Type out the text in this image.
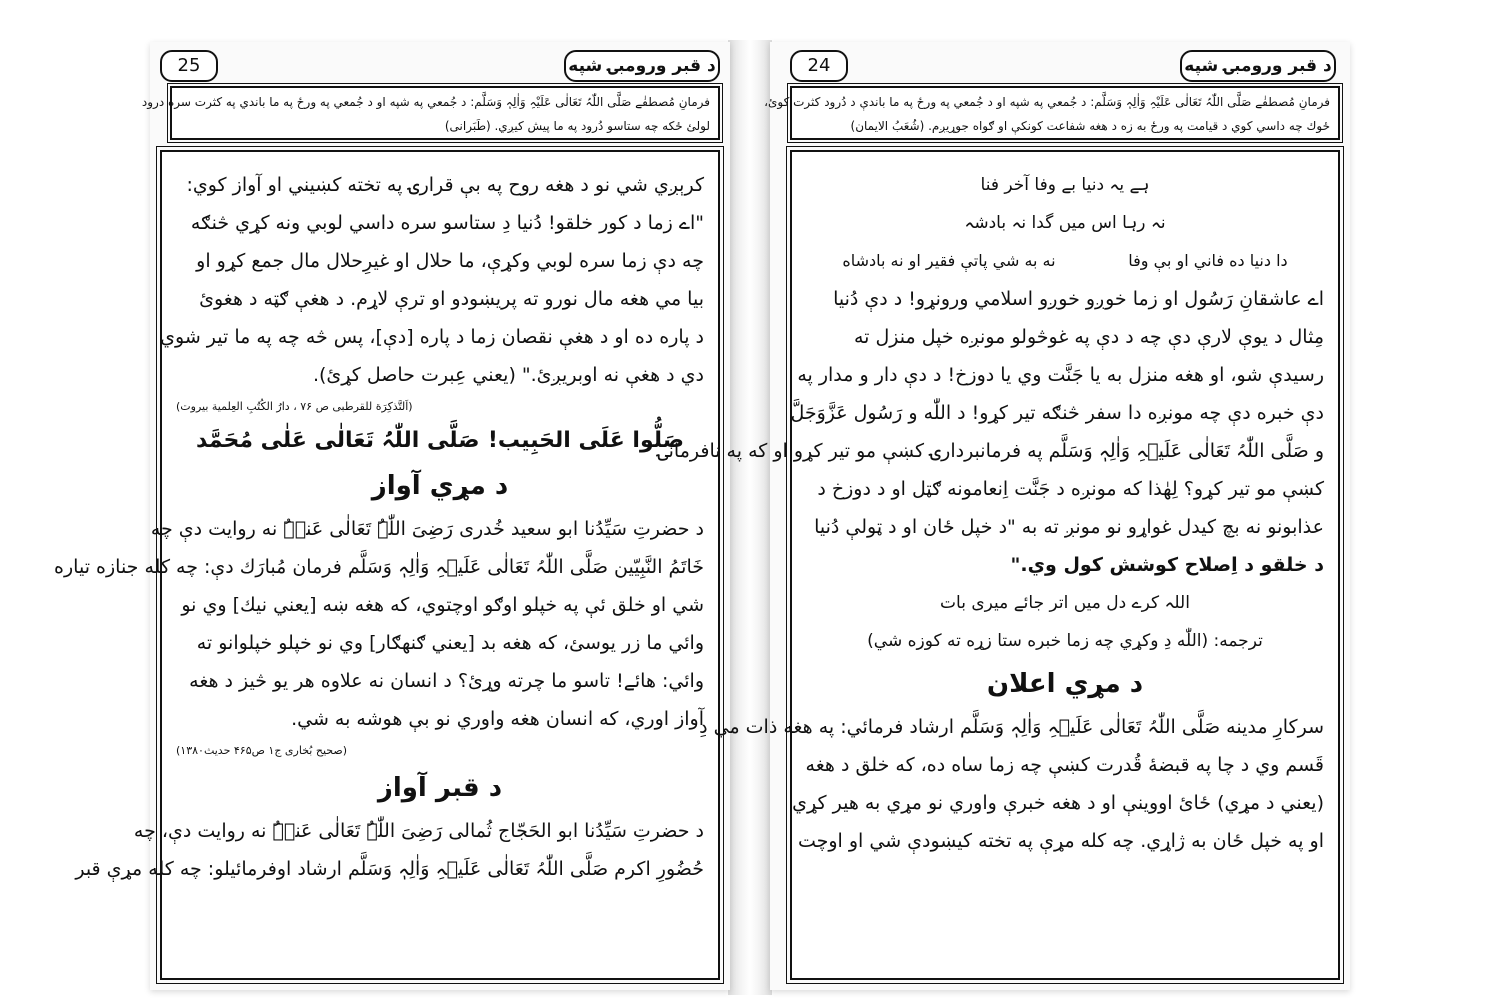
25	د قبر ورومبۍ شپه
فرمانِ مُصطفٰے صَلَّی اللّٰہُ تَعَالٰی عَلَیْہِ وَاٰلِہٖ وَسَلَّم: د جُمعي په شپه او د جُمعي په ورځ په ما باندي په کثرت سره درود
لولئ ځکه چه ستاسو دُرود په ما پيش کيږي. (طَبَرانی)
کرېږي شي نو د هغه روح په بې قرارۍ په تخته کښيني او آواز کوي:
"اے زما د کور خلقو! دُنيا دِ ستاسو سره داسي لوبي ونه کړي څنګه
چه دې زما سره لوبي وکړې، ما حلال او غيرِحلال مال جمع کړو او
بيا مي هغه مال نورو ته پريښودو او ترې لاړم. د هغې ګټه د هغوئ
د پاره ده او د هغې نقصان زما د پاره [دې]، پس څه چه په ما تير شوي
دي د هغې نه اوبريږئ." (يعني عِبرت حاصل کړئ).
(اَلتَّذکِرَة للقرطبی ص ۷۶ ، دارُ الکُتُبِ العِلمية بيروت)
صَلُّوا عَلَی الحَبِيب!
صَلَّی اللّٰہُ تَعَالٰی عَلٰی مُحَمَّد
د مړي آواز
د حضرتِ سَيِّدُنا ابو سعيد خُدری رَضِیَ اللّٰہُ تَعَالٰی عَنۡہُ نه روايت دې چه
خَاتَمُ النَّبِيّين صَلَّی اللّٰہُ تَعَالٰی عَلَیۡہِ وَاٰلِہٖ وَسَلَّم فرمان مُبارَك دې: چه کله جنازه تياره
شي او خلق ئې په خپلو اوګو اوچتوي، که هغه ښه [يعني نيك] وي نو
وائي ما زر يوسئ، که هغه بد [يعني ګنهګار] وي نو خپلو خپلوانو ته
وائي: هائے! تاسو ما چرته وړئ؟ د انسان نه علاوه هر يو څيز د هغه
آواز اوري، که انسان هغه واوري نو بې هوشه به شي.
(صحيح بُخاری ج۱ ص۴۶۵ حديث۱۳۸۰)
د قبر آواز
د حضرتِ سَيِّدُنا ابو الحَجّاج ثُمالی رَضِیَ اللّٰہُ تَعَالٰی عَنۡہُ نه روايت دې، چه
حُضُورِ اکرم صَلَّی اللّٰہُ تَعَالٰی عَلَیۡہِ وَاٰلِہٖ وَسَلَّم ارشاد اوفرمائيلو: چه کله مړې قبر
24	د قبر ورومبۍ شپه
فرمانِ مُصطفٰے صَلَّی اللّٰہُ تَعَالٰی عَلَیْہِ وَاٰلِہٖ وَسَلَّم: د جُمعي په شپه او د جُمعي په ورځ په ما باندې د دُرود کثرت کوئ،
ځوك چه داسي کوي د قيامت په ورځ به زه د هغه شفاعت کونکې او ګواه جوړيږم. (شُعَبُ الايمان)
ہے یہ دنیا بے وفا آخر فنا
نہ رہا اس میں گدا نہ بادشہ
دا دنيا ده فاني او بې وفا
نه به شي پاتې فقير او نه بادشاه
اے عاشقانِ رَسُول او زما خوږو خوږو اسلامي ورونړو! د دې دُنيا
مِثال د يوې لارې دې چه د دې په غوڅولو مونږه خپل منزل ته
رسيدې شو، او هغه منزل به يا جَنَّت وي يا دوزخ! د دې دار و مدار په
دې خبره دې چه مونږه دا سفر څنګه تير کړو! د اللّٰه و رَسُول عَزَّوَجَلَّ
و صَلَّی اللّٰہُ تَعَالٰی عَلَیۡہِ وَاٰلِہٖ وَسَلَّم په فرمانبردارۍ کښې مو تير کړو او که په نافرمانۍ
کښې مو تير کړو؟ لِهٰذا که مونږه د جَنَّت اِنعامونه ګټل او د دوزخ د
عذابونو نه بچ کيدل غواړو نو مونږ ته به "د خپل ځان او د ټولې دُنيا
د خلقو د اِصلاح کوشش کول وي."
اللہ کرے دل میں اتر جائے میری بات
ترجمه: (اللّٰه دِ وکړي چه زما خبره ستا زړه ته کوزه شي)
د مړي اعلان
سرکارِ مدينه صَلَّی اللّٰہُ تَعَالٰی عَلَیۡہِ وَاٰلِہٖ وَسَلَّم ارشاد فرمائي: په هغه ذات مي دِ
قَسم وي د چا په قبضهٔ قُدرت کښې چه زما ساه ده، که خلق د هغه
(يعني د مړي) ځائ اووينې او د هغه خبرې واوري نو مړي به هير کړي
او په خپل ځان به ژاړي. چه کله مړې په تخته کيښودې شي او اوچت
